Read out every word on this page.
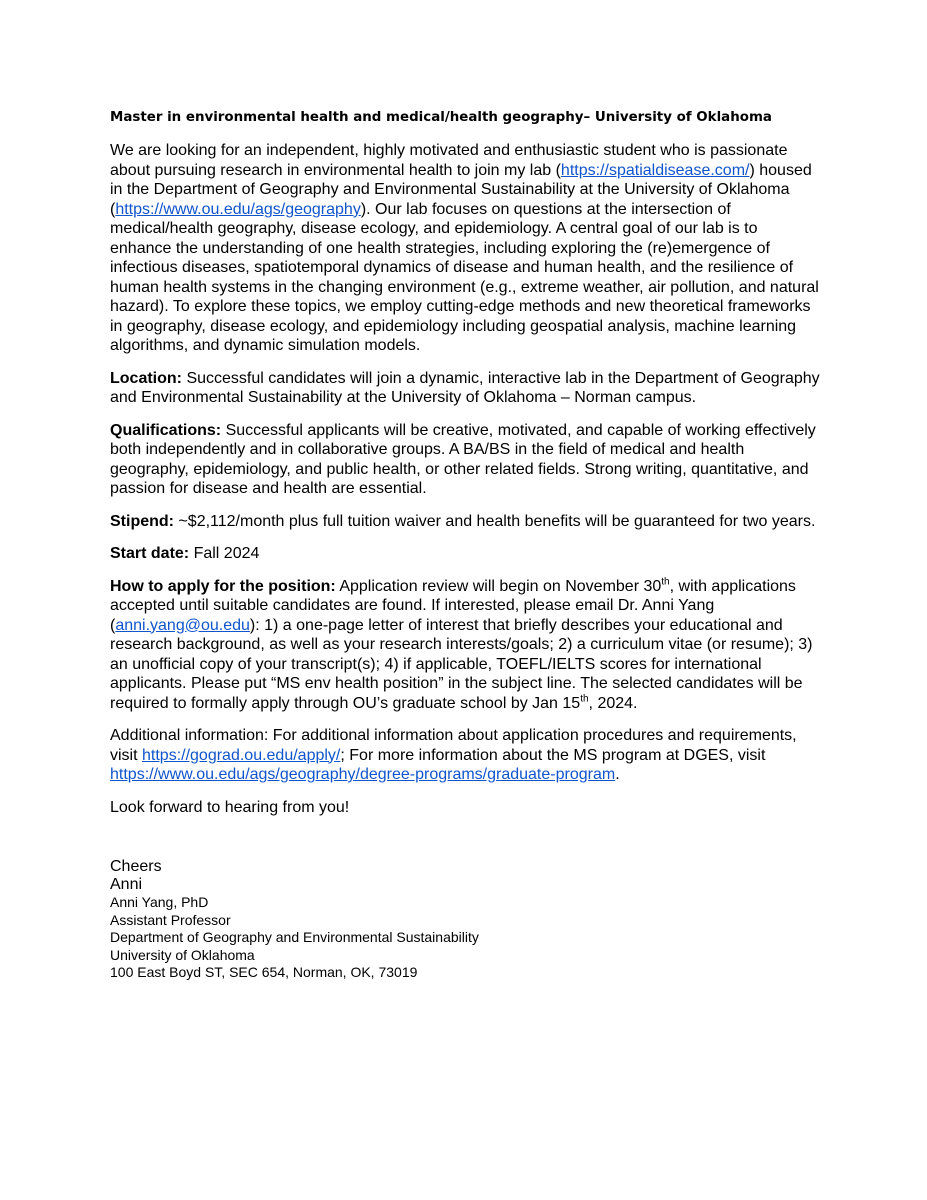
Master in environmental health and medical/health geography– University of Oklahoma

We are looking for an independent, highly motivated and enthusiastic student who is passionate about pursuing research in environmental health to join my lab (https://spatialdisease.com/) housed in the Department of Geography and Environmental Sustainability at the University of Oklahoma (https://www.ou.edu/ags/geography). Our lab focuses on questions at the intersection of medical/health geography, disease ecology, and epidemiology. A central goal of our lab is to enhance the understanding of one health strategies, including exploring the (re)emergence of infectious diseases, spatiotemporal dynamics of disease and human health, and the resilience of human health systems in the changing environment (e.g., extreme weather, air pollution, and natural hazard). To explore these topics, we employ cutting-edge methods and new theoretical frameworks in geography, disease ecology, and epidemiology including geospatial analysis, machine learning algorithms, and dynamic simulation models.

Location: Successful candidates will join a dynamic, interactive lab in the Department of Geography and Environmental Sustainability at the University of Oklahoma – Norman campus.

Qualifications: Successful applicants will be creative, motivated, and capable of working effectively both independently and in collaborative groups. A BA/BS in the field of medical and health geography, epidemiology, and public health, or other related fields. Strong writing, quantitative, and passion for disease and health are essential.

Stipend: ~$2,112/month plus full tuition waiver and health benefits will be guaranteed for two years.

Start date: Fall 2024

How to apply for the position: Application review will begin on November 30th, with applications accepted until suitable candidates are found. If interested, please email Dr. Anni Yang (anni.yang@ou.edu): 1) a one-page letter of interest that briefly describes your educational and research background, as well as your research interests/goals; 2) a curriculum vitae (or resume); 3) an unofficial copy of your transcript(s); 4) if applicable, TOEFL/IELTS scores for international applicants. Please put “MS env health position” in the subject line. The selected candidates will be required to formally apply through OU’s graduate school by Jan 15th, 2024.

Additional information: For additional information about application procedures and requirements, visit https://gograd.ou.edu/apply/; For more information about the MS program at DGES, visit https://www.ou.edu/ags/geography/degree-programs/graduate-program.

Look forward to hearing from you!
Cheers
Anni
Anni Yang, PhD
Assistant Professor
Department of Geography and Environmental Sustainability
University of Oklahoma
100 East Boyd ST, SEC 654, Norman, OK, 73019
